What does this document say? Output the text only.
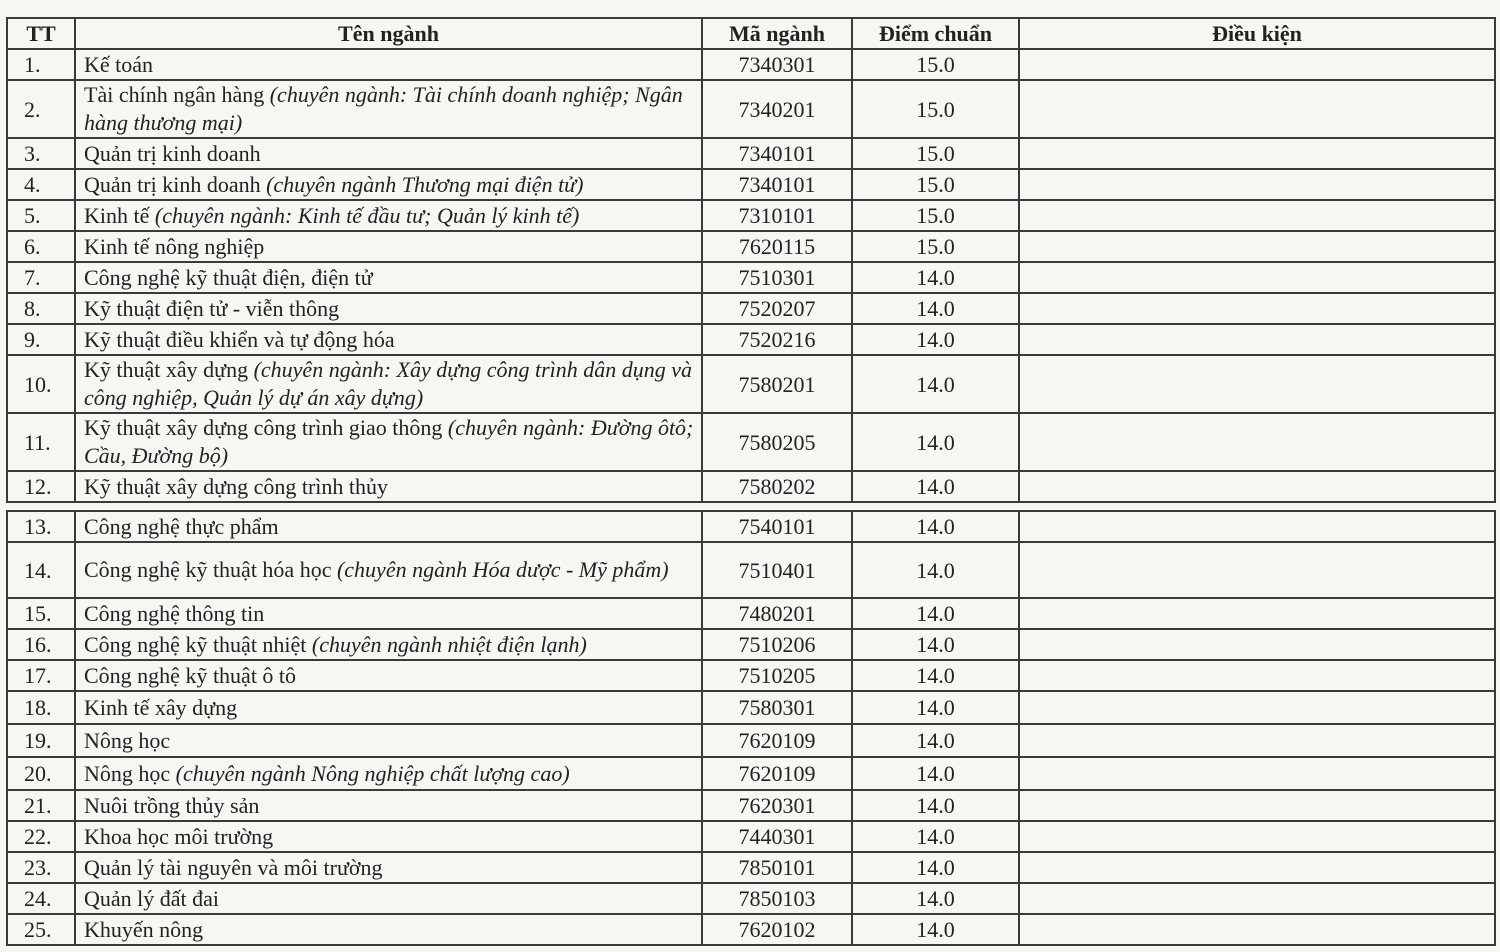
TT	Tên ngành	Mã ngành	Điểm chuẩn	Điều kiện
1.	Kế toán	7340301	15.0	
2.	Tài chính ngân hàng (chuyên ngành: Tài chính doanh nghiệp; Ngân hàng thương mại)	7340201	15.0	
3.	Quản trị kinh doanh	7340101	15.0	
4.	Quản trị kinh doanh (chuyên ngành Thương mại điện tử)	7340101	15.0	
5.	Kinh tế (chuyên ngành: Kinh tế đầu tư; Quản lý kinh tế)	7310101	15.0	
6.	Kinh tế nông nghiệp	7620115	15.0	
7.	Công nghệ kỹ thuật điện, điện tử	7510301	14.0	
8.	Kỹ thuật điện tử - viễn thông	7520207	14.0	
9.	Kỹ thuật điều khiển và tự động hóa	7520216	14.0	
10.	Kỹ thuật xây dựng (chuyên ngành: Xây dựng công trình dân dụng và công nghiệp, Quản lý dự án xây dựng)	7580201	14.0	
11.	Kỹ thuật xây dựng công trình giao thông (chuyên ngành: Đường ôtô; Cầu, Đường bộ)	7580205	14.0	
12.	Kỹ thuật xây dựng công trình thủy	7580202	14.0	
13.	Công nghệ thực phẩm	7540101	14.0	
14.	Công nghệ kỹ thuật hóa học (chuyên ngành Hóa dược - Mỹ phẩm)	7510401	14.0	
15.	Công nghệ thông tin	7480201	14.0	
16.	Công nghệ kỹ thuật nhiệt (chuyên ngành nhiệt điện lạnh)	7510206	14.0	
17.	Công nghệ kỹ thuật ô tô	7510205	14.0	
18.	Kinh tế xây dựng	7580301	14.0	
19.	Nông học	7620109	14.0	
20.	Nông học (chuyên ngành Nông nghiệp chất lượng cao)	7620109	14.0	
21.	Nuôi trồng thủy sản	7620301	14.0	
22.	Khoa học môi trường	7440301	14.0	
23.	Quản lý tài nguyên và môi trường	7850101	14.0	
24.	Quản lý đất đai	7850103	14.0	
25.	Khuyến nông	7620102	14.0	
